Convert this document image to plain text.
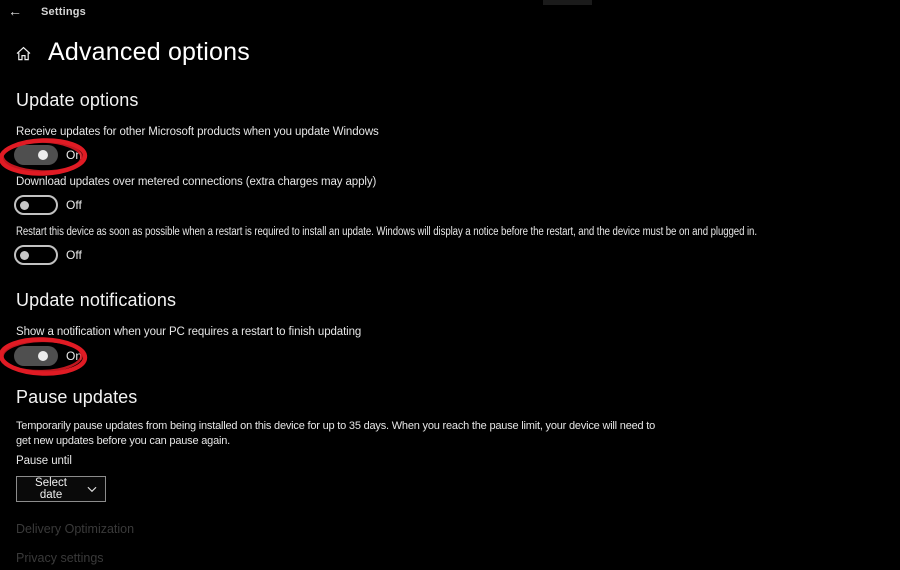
← Settings
Advanced options
Update options

Receive updates for other Microsoft products when you update Windows

On

Download updates over metered connections (extra charges may apply)

Off

Restart this device as soon as possible when a restart is required to install an update. Windows will display a notice before the restart, and the device must be on and plugged in.

Off
Update notifications

Show a notification when your PC requires a restart to finish updating

On
Pause updates

Temporarily pause updates from being installed on this device for up to 35 days. When you reach the pause limit, your device will need to get new updates before you can pause again.

Pause until

Select date
Delivery Optimization
Privacy settings
